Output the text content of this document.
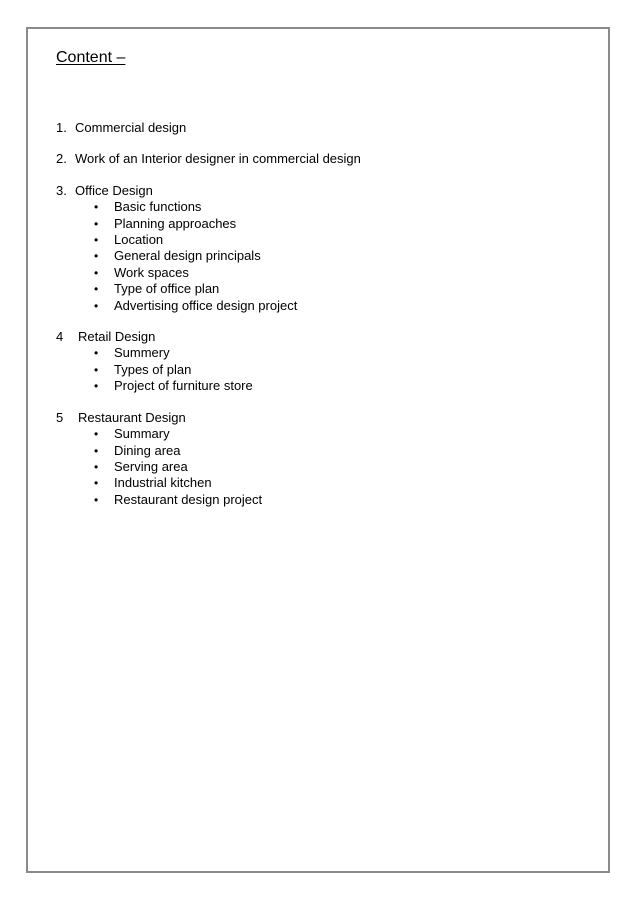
Content –
1. Commercial design
2. Work of an Interior designer in commercial design
3. Office Design
•	Basic functions
•	Planning approaches
•	Location
•	General design principals
•	Work spaces
•	Type of office plan
•	Advertising office design project
4	Retail Design
•	Summery
•	Types of plan
•	Project of furniture store
5	Restaurant Design
•	Summary
•	Dining area
•	Serving area
•	Industrial kitchen
•	Restaurant design project
